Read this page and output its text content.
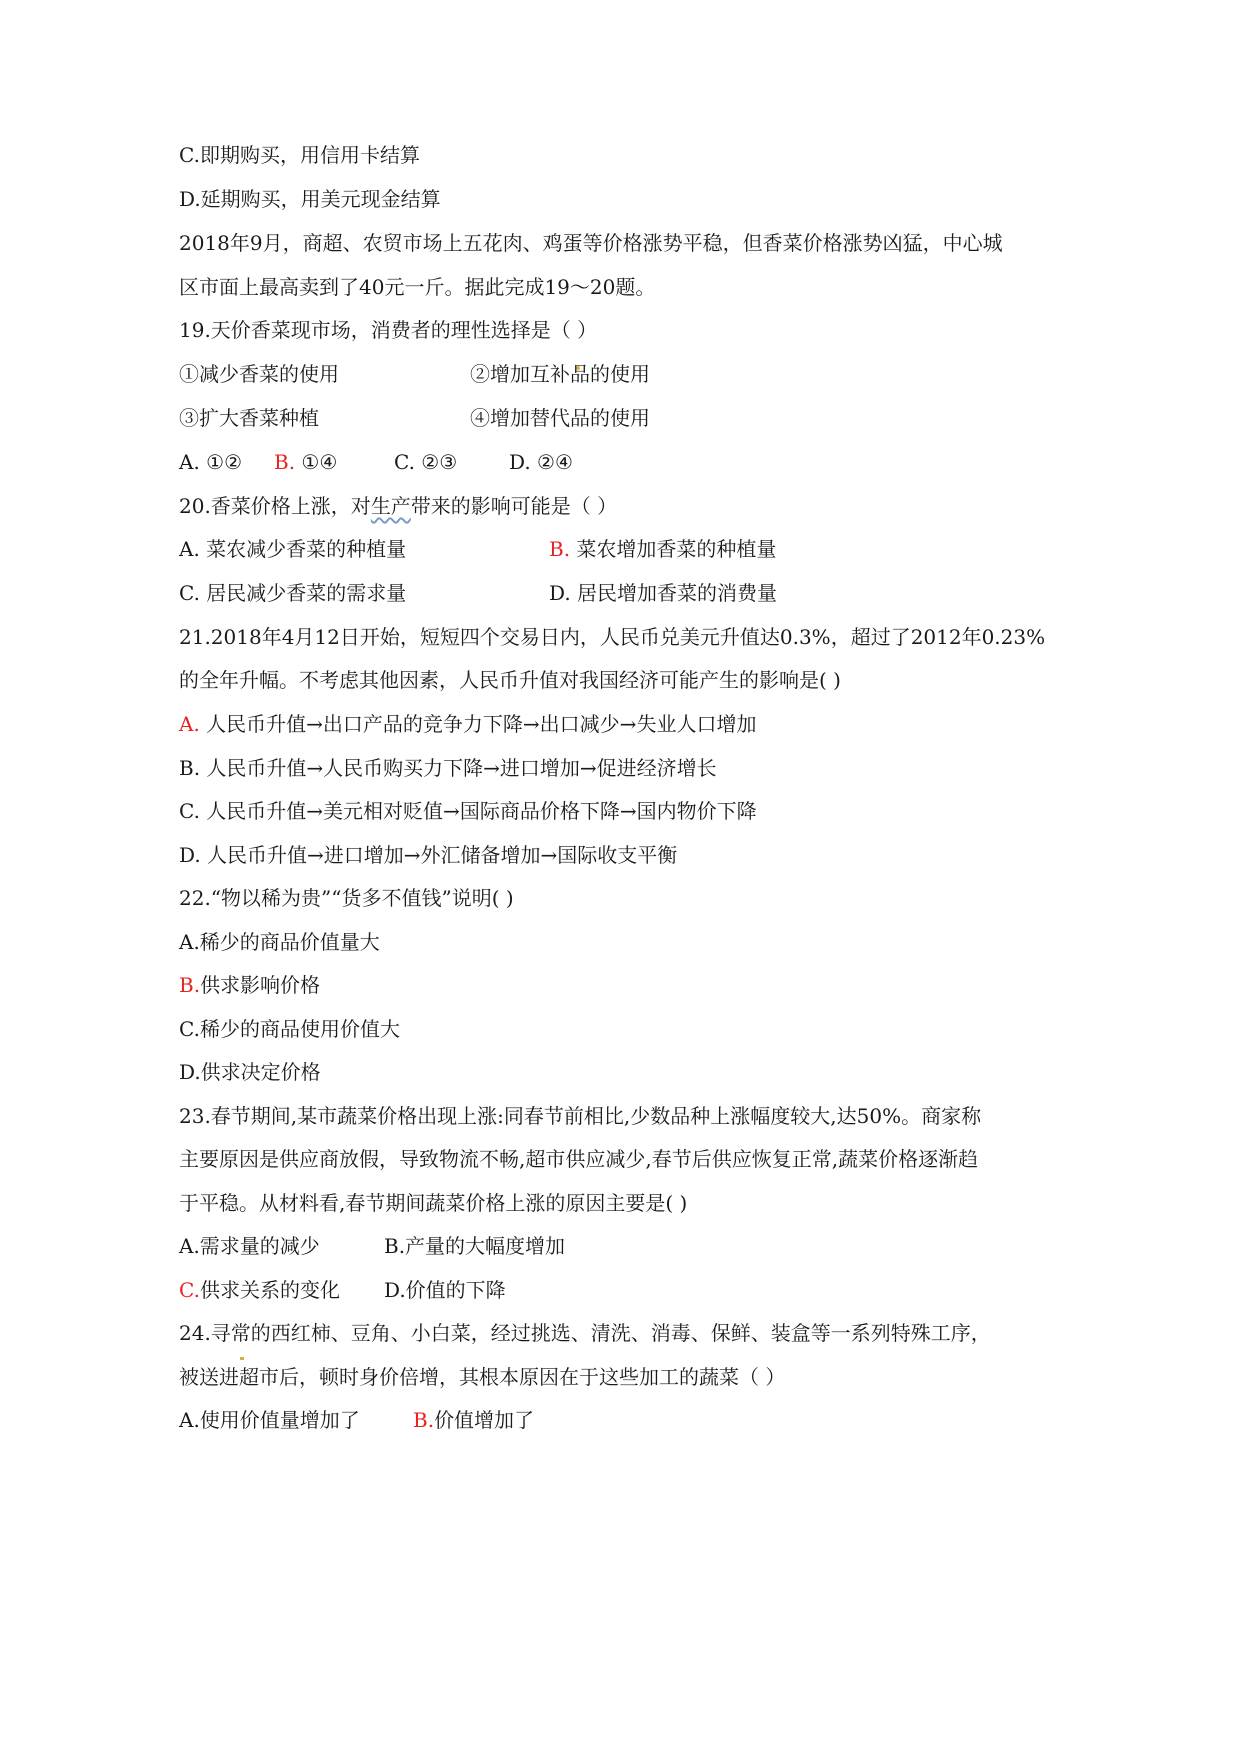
C.即期购买，用信用卡结算
D.延期购买，用美元现金结算
2018年9月，商超、农贸市场上五花肉、鸡蛋等价格涨势平稳，但香菜价格涨势凶猛，中心城
区市面上最高卖到了40元一斤。据此完成19～20题。
19.天价香菜现市场，消费者的理性选择是（ ）
①减少香菜的使用	②增加互补品的使用
③扩大香菜种植	④增加替代品的使用
A. ①② B. ①④	C. ②③	D. ②④
20.香菜价格上涨，对生产带来的影响可能是（ ）
A. 菜农减少香菜的种植量	B. 菜农增加香菜的种植量
C. 居民减少香菜的需求量	D. 居民增加香菜的消费量
21.2018年4月12日开始，短短四个交易日内，人民币兑美元升值达0.3%，超过了2012年0.23%
的全年升幅。不考虑其他因素，人民币升值对我国经济可能产生的影响是( )
A. 人民币升值→出口产品的竞争力下降→出口减少→失业人口增加
B. 人民币升值→人民币购买力下降→进口增加→促进经济增长
C. 人民币升值→美元相对贬值→国际商品价格下降→国内物价下降
D. 人民币升值→进口增加→外汇储备增加→国际收支平衡
22.“物以稀为贵”“货多不值钱”说明( )
A.稀少的商品价值量大
B.供求影响价格
C.稀少的商品使用价值大
D.供求决定价格
23.春节期间,某市蔬菜价格出现上涨:同春节前相比,少数品种上涨幅度较大,达50%。商家称
主要原因是供应商放假，导致物流不畅,超市供应减少,春节后供应恢复正常,蔬菜价格逐渐趋
于平稳。从材料看,春节期间蔬菜价格上涨的原因主要是( )
A.需求量的减少	B.产量的大幅度增加
C.供求关系的变化 D.价值的下降
24.寻常的西红柿、豆角、小白菜，经过挑选、清洗、消毒、保鲜、装盒等一系列特殊工序，
被送进超市后，顿时身价倍增，其根本原因在于这些加工的蔬菜（ ）
A.使用价值量增加了	B.价值增加了
